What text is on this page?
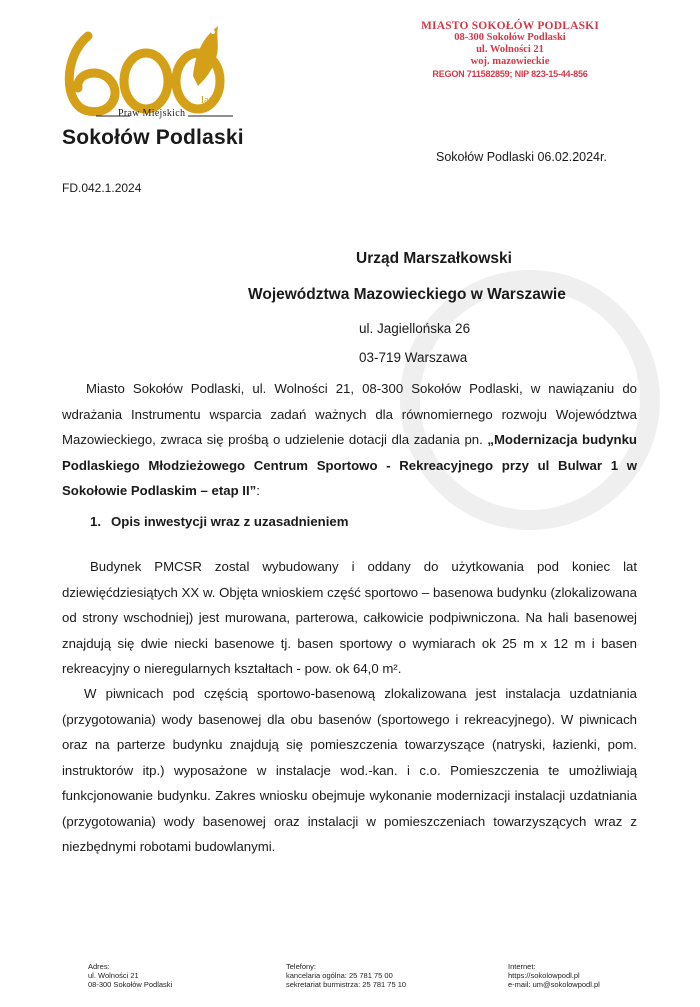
lat
Praw Miejskich
Sokołów Podlaski
MIASTO SOKOŁÓW PODLASKI
08-300 Sokołów Podlaski
ul. Wolności 21
woj. mazowieckie
REGON 711582859; NIP 823-15-44-856
Sokołów Podlaski 06.02.2024r.
FD.042.1.2024
Urząd Marszałkowski
Województwa Mazowieckiego w Warszawie
ul. Jagiellońska 26
03-719 Warszawa
Miasto Sokołów Podlaski, ul. Wolności 21, 08-300 Sokołów Podlaski, w nawiązaniu do wdrażania Instrumentu wsparcia zadań ważnych dla równomiernego rozwoju Województwa Mazowieckiego, zwraca się prośbą o udzielenie dotacji dla zadania pn. „Modernizacja budynku Podlaskiego Młodzieżowego Centrum Sportowo - Rekreacyjnego przy ul Bulwar 1 w Sokołowie Podlaskim – etap II”:
1. Opis inwestycji wraz z uzasadnieniem
Budynek PMCSR zostal wybudowany i oddany do użytkowania pod koniec lat dziewięćdziesiątych XX w. Objęta wnioskiem część sportowo – basenowa budynku (zlokalizowana od strony wschodniej) jest murowana, parterowa, całkowicie podpiwniczona. Na hali basenowej znajdują się dwie niecki basenowe tj. basen sportowy o wymiarach ok 25 m x 12 m i basen rekreacyjny o nieregularnych kształtach - pow. ok 64,0 m².
W piwnicach pod częścią sportowo-basenową zlokalizowana jest instalacja uzdatniania (przygotowania) wody basenowej dla obu basenów (sportowego i rekreacyjnego). W piwnicach oraz na parterze budynku znajdują się pomieszczenia towarzyszące (natryski, łazienki, pom. instruktorów itp.) wyposażone w instalacje wod.-kan. i c.o. Pomieszczenia te umożliwiają funkcjonowanie budynku. Zakres wniosku obejmuje wykonanie modernizacji instalacji uzdatniania (przygotowania) wody basenowej oraz instalacji w pomieszczeniach towarzyszących wraz z niezbędnymi robotami budowlanymi.
Adres:
ul. Wolności 21
08-300 Sokołów Podlaski
Telefony:
kancelaria ogólna: 25 781 75 00
sekretariat burmistrza: 25 781 75 10
Internet:
https://sokolowpodl.pl
e-mail: um@sokolowpodl.pl
